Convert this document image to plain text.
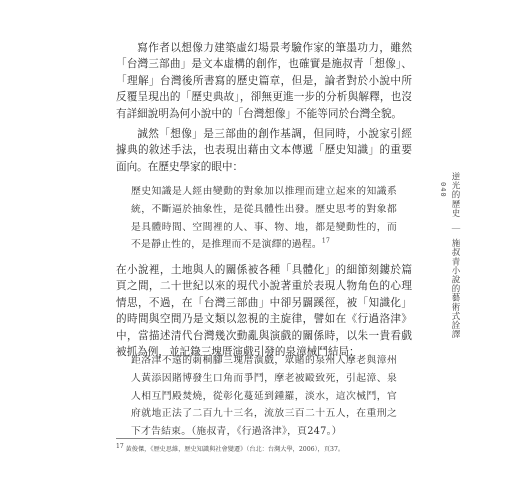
逆光的歷史｜施叔青小說的藝術式詮譯
040

寫作者以想像力建築虛幻場景考驗作家的筆墨功力，雖然「台灣三部曲」是文本虛構的創作，也確實是施叔青「想像」、「理解」台灣後所書寫的歷史篇章，但是，論者對於小說中所反覆呈現出的「歷史典故」，卻無更進一步的分析與解釋，也沒有詳細說明為何小說中的「台灣想像」不能等同於台灣全貌。

誠然「想像」是三部曲的創作基調，但同時，小說家引經據典的敘述手法，也表現出藉由文本傳遞「歷史知識」的重要面向。在歷史學家的眼中：

歷史知識是人經由變動的對象加以推理而建立起來的知識系統，不斷逼於抽象性，是從具體性出發。歷史思考的對象都是具體時間、空間裡的人、事、物、地，都是變動性的，而不是靜止性的，是推理而不是演繹的過程。$^{17}$

在小說裡，土地與人的關係被各種「具體化」的細節刻鏤於篇頁之間，二十世紀以來的現代小說著重於表現人物角色的心理情思，不過，在「台灣三部曲」中卻另闢蹊徑，被「知識化」的時間與空間乃是文類以忽視的主旋律，譬如在《行過洛津》中，當描述清代台灣幾次動亂與演戲的關係時，以朱一貴看戲被抓為例，並記錄三塊厝演戲引發的泉漳械鬥結局：

距洛津不遠的莿桐腳三塊厝演戲，眾賭的泉州人摩老與漳州人黃添因賭博發生口角而爭鬥，摩老被毆致死，引起漳、泉人相互鬥殿焚燒，從彰化蔓延到鍾羅，淡水，這次械鬥，官府就地正法了二百九十三名，流放三百二十五人，在重刑之下才告結束。（施叔青，《行過洛津》，頁247。）

$^{17}$ 黃俊傑，《歷史思維，歷史知識與社會變遷》（台北：台灣大學，2006），頁37。
